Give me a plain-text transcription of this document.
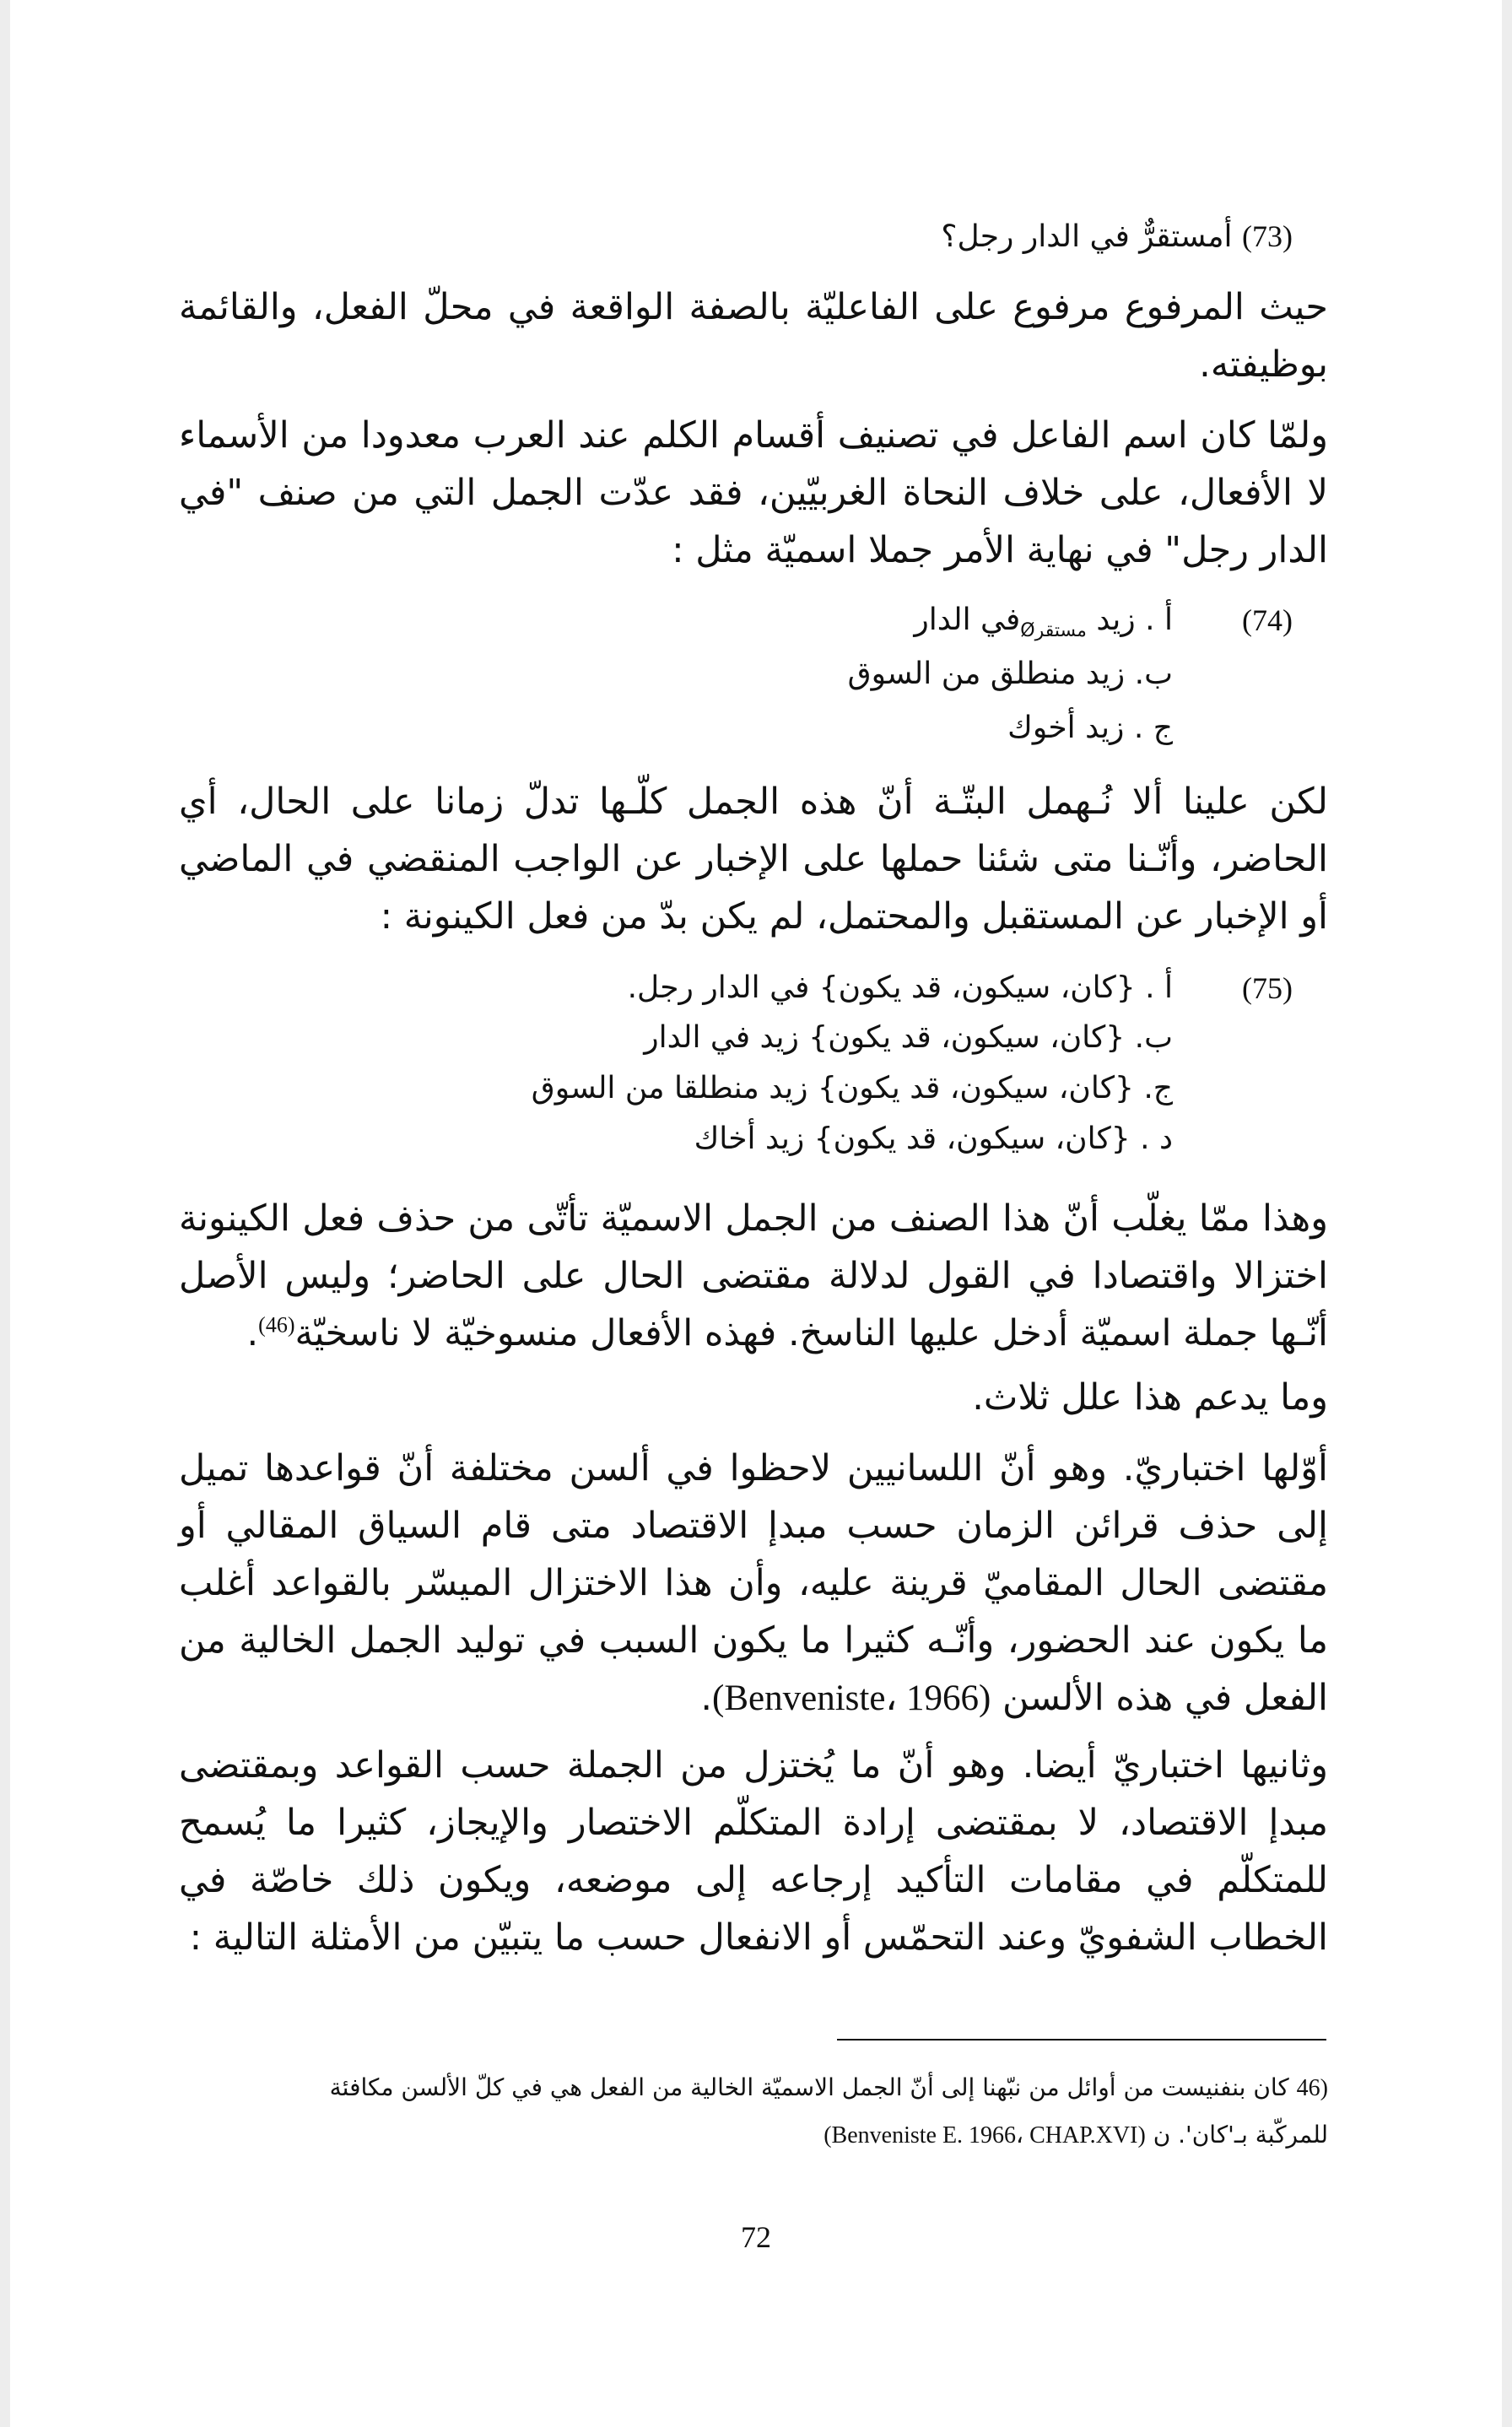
(73) أمستقرٌّ في الدار رجل؟

حيث المرفوع مرفوع على الفاعليّة بالصفة الواقعة في محلّ الفعل، والقائمة بوظيفته.

ولمّا كان اسم الفاعل في تصنيف أقسام الكلم عند العرب معدودا من الأسماء لا الأفعال، على خلاف النحاة الغربيّين، فقد عدّت الجمل التي من صنف "في الدار رجل" في نهاية الأمر جملا اسميّة مثل :

(74)

أ . زيد $_{مستقرØ}$في الدار

ب. زيد منطلق من السوق

ج . زيد أخوك

لكن علينا ألا نُـهمل البتّـة أنّ هذه الجمل كلّـها تدلّ زمانا على الحال، أي الحاضر، وأنّـنا متى شئنا حملها على الإخبار عن الواجب المنقضي في الماضي أو الإخبار عن المستقبل والمحتمل، لم يكن بدّ من فعل الكينونة :

(75)

أ . {كان، سيكون، قد يكون} في الدار رجل.

ب. {كان، سيكون، قد يكون} زيد في الدار

ج. {كان، سيكون، قد يكون} زيد منطلقا من السوق

د . {كان، سيكون، قد يكون} زيد أخاك

وهذا ممّا يغلّب أنّ هذا الصنف من الجمل الاسميّة تأتّى من حذف فعل الكينونة اختزالا واقتصادا في القول لدلالة مقتضى الحال على الحاضر؛ وليس الأصل أنّـها جملة اسميّة أدخل عليها الناسخ. فهذه الأفعال منسوخيّة لا ناسخيّة$^{(46)}$.

وما يدعم هذا علل ثلاث.

أوّلها اختباريّ. وهو أنّ اللسانيين لاحظوا في ألسن مختلفة أنّ قواعدها تميل إلى حذف قرائن الزمان حسب مبدإ الاقتصاد متى قام السياق المقالي أو مقتضى الحال المقاميّ قرينة عليه، وأن هذا الاختزال الميسّر بالقواعد أغلب ما يكون عند الحضور، وأنّـه كثيرا ما يكون السبب في توليد الجمل الخالية من الفعل في هذه الألسن (Benveniste، 1966).

وثانيها اختباريّ أيضا. وهو أنّ ما يُختزل من الجملة حسب القواعد وبمقتضى مبدإ الاقتصاد، لا بمقتضى إرادة المتكلّم الاختصار والإيجاز، كثيرا ما يُسمح للمتكلّم في مقامات التأكيد إرجاعه إلى موضعه، ويكون ذلك خاصّة في الخطاب الشفويّ وعند التحمّس أو الانفعال حسب ما يتبيّن من الأمثلة التالية :

46) كان بنفنيست من أوائل من نبّهنا إلى أنّ الجمل الاسميّة الخالية من الفعل هي في كلّ الألسن مكافئة

للمركّبة بـ'كان'. ن (Benveniste E. 1966، CHAP.XVI)

72
